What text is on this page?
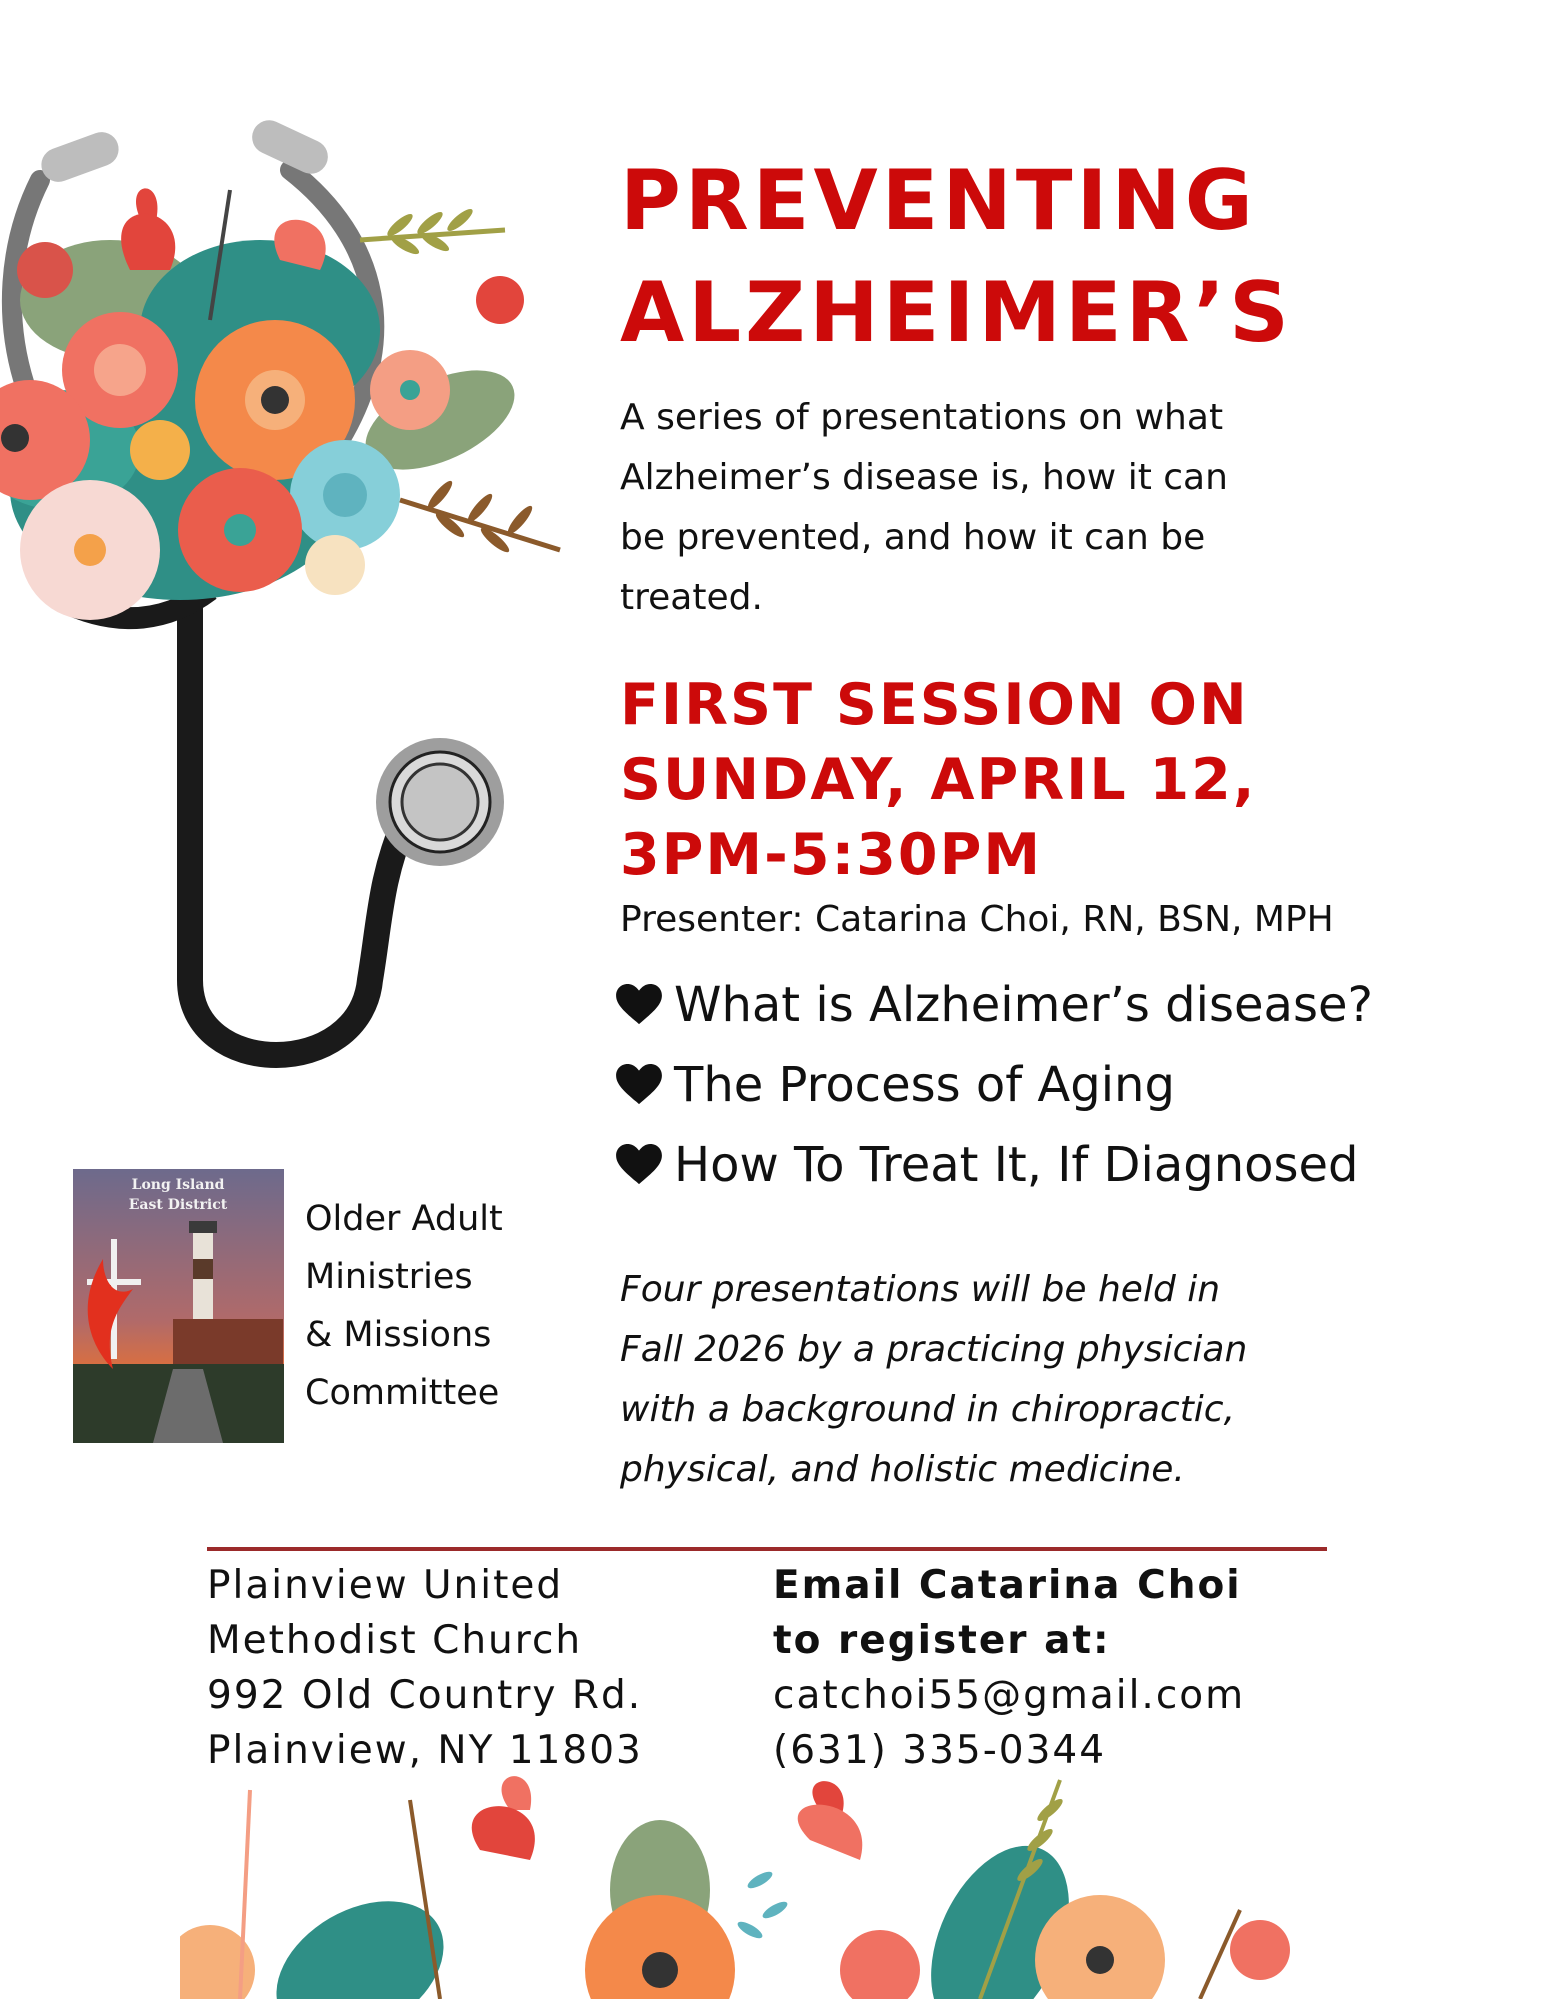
PREVENTING
ALZHEIMER’S
A series of presentations on what
Alzheimer’s disease is, how it can
be prevented, and how it can be
treated.
FIRST SESSION ON
SUNDAY, APRIL 12,
3PM-5:30PM
Presenter: Catarina Choi, RN, BSN, MPH
What is Alzheimer’s disease?
The Process of Aging
How To Treat It, If Diagnosed
Long Island
East District Older Adult
Ministries
& Missions
Committee
Four presentations will be held in
Fall 2026 by a practicing physician
with a background in chiropractic,
physical, and holistic medicine.
Plainview United
Methodist Church
992 Old Country Rd.
Plainview, NY 11803
Email Catarina Choi
to register at:
catchoi55@gmail.com
(631) 335-0344
